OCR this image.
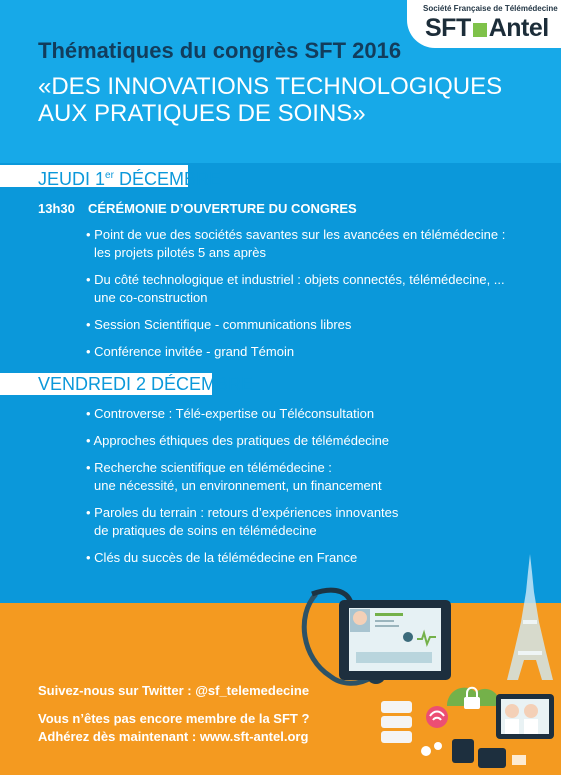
Société Française de Télémédecine
SFT Antel
Thématiques du congrès SFT 2016
«DES INNOVATIONS TECHNOLOGIQUES
AUX PRATIQUES DE SOINS»
JEUDI 1er DÉCEMBRE
13h30 CÉRÉMONIE D’OUVERTURE DU CONGRES
• Point de vue des sociétés savantes sur les avancées en télémédecine :
les projets pilotés 5 ans après
• Du côté technologique et industriel : objets connectés, télémédecine, ...
une co-construction
• Session Scientifique - communications libres
• Conférence invitée - grand Témoin
VENDREDI 2 DÉCEMBRE
• Controverse : Télé-expertise ou Téléconsultation
• Approches éthiques des pratiques de télémédecine
• Recherche scientifique en télémédecine :
une nécessité, un environnement, un financement
• Paroles du terrain : retours d’expériences innovantes
de pratiques de soins en télémédecine
• Clés du succès de la télémédecine en France
Suivez-nous sur Twitter : @sf_telemedecine
Vous n’êtes pas encore membre de la SFT ?
Adhérez dès maintenant : www.sft-antel.org
